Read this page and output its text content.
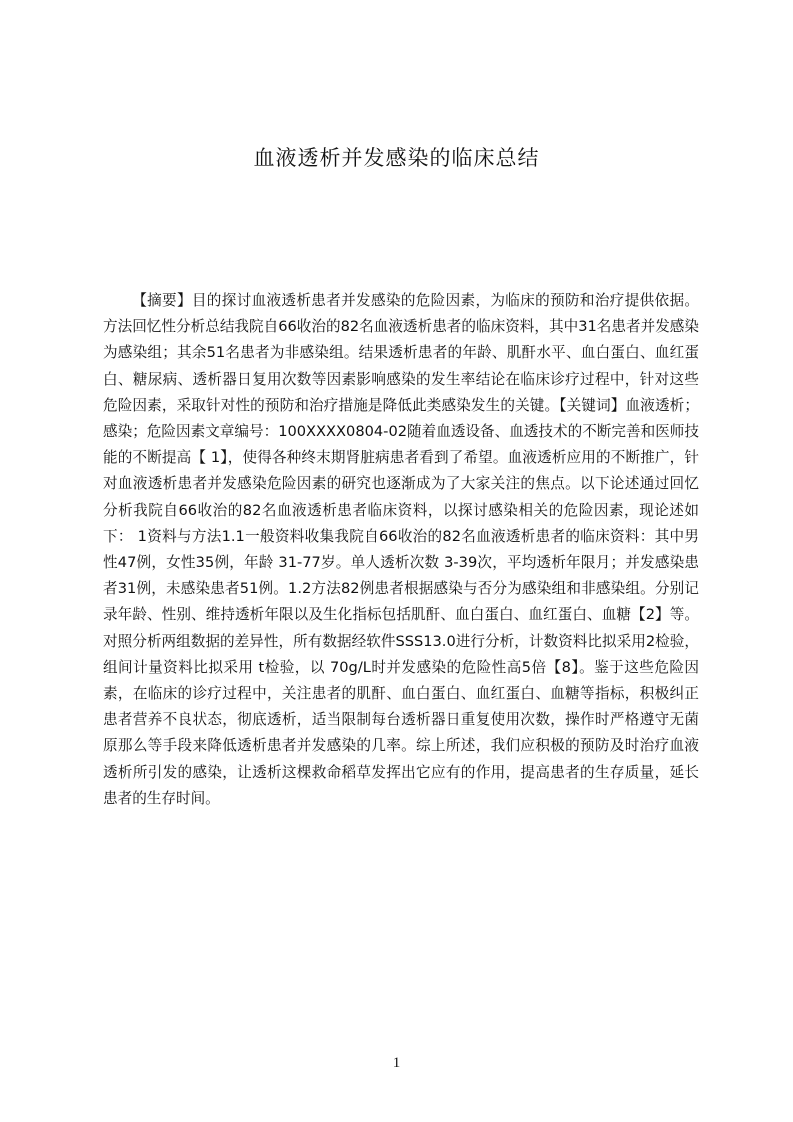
血液透析并发感染的临床总结

【摘要】目的探讨血液透析患者并发感染的危险因素，为临床的预防和治疗提供依据。方法回忆性分析总结我院自66收治的82名血液透析患者的临床资料，其中31名患者并发感染为感染组；其余51名患者为非感染组。结果透析患者的年龄、肌酐水平、血白蛋白、血红蛋白、糖尿病、透析器日复用次数等因素影响感染的发生率结论在临床诊疗过程中，针对这些危险因素，采取针对性的预防和治疗措施是降低此类感染发生的关键。【关键词】血液透析；感染；危险因素文章编号：100XXXX0804-02随着血透设备、血透技术的不断完善和医师技能的不断提高【 1】，使得各种终末期肾脏病患者看到了希望。血液透析应用的不断推广，针对血液透析患者并发感染危险因素的研究也逐渐成为了大家关注的焦点。以下论述通过回忆分析我院自66收治的82名血液透析患者临床资料，以探讨感染相关的危险因素，现论述如下： 1资料与方法1.1一般资料收集我院自66收治的82名血液透析患者的临床资料：其中男性47例，女性35例，年龄 31-77岁。单人透析次数 3-39次，平均透析年限月；并发感染患者31例，未感染患者51例。1.2方法82例患者根据感染与否分为感染组和非感染组。分别记录年龄、性别、维持透析年限以及生化指标包括肌酐、血白蛋白、血红蛋白、血糖【2】等。对照分析两组数据的差异性，所有数据经软件SSS13.0进行分析，计数资料比拟采用2检验，组间计量资料比拟采用 t检验，以 70g/L时并发感染的危险性高5倍【8】。鉴于这些危险因素，在临床的诊疗过程中，关注患者的肌酐、血白蛋白、血红蛋白、血糖等指标，积极纠正患者营养不良状态，彻底透析，适当限制每台透析器日重复使用次数，操作时严格遵守无菌原那么等手段来降低透析患者并发感染的几率。综上所述，我们应积极的预防及时治疗血液透析所引发的感染，让透析这棵救命稻草发挥出它应有的作用，提高患者的生存质量，延长患者的生存时间。

1
